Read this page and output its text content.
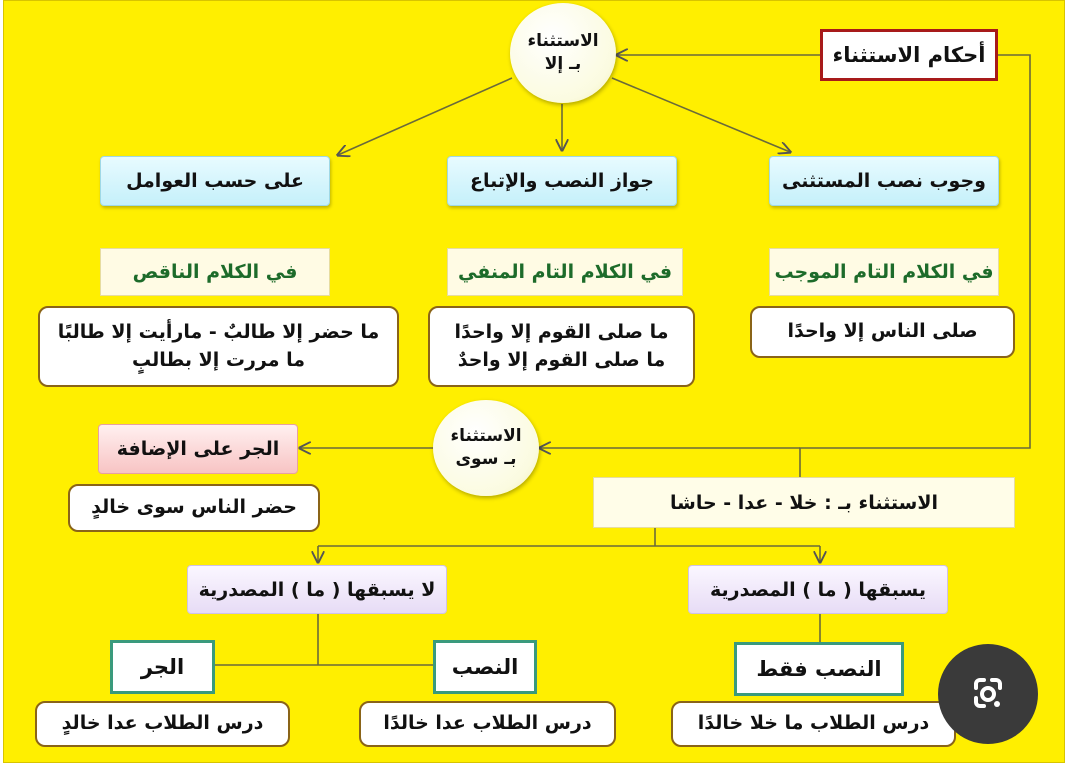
أحكام الاستثناء
الاستثناء
بـ إلا
وجوب نصب المستثنى
جواز النصب والإتباع
على حسب العوامل
في الكلام التام الموجب
في الكلام التام المنفي
في الكلام الناقص
صلى الناس إلا واحدًا
ما صلى القوم إلا واحدًا
ما صلى القوم إلا واحدٌ
ما حضر إلا طالبٌ - مارأيت إلا طالبًا
ما مررت إلا بطالبٍ
الاستثناء
بـ سوى
الجر على الإضافة
حضر الناس سوى خالدٍ	الاستثناء بـ : خلا - عدا - حاشا
يسبقها ( ما ) المصدرية
لا يسبقها ( ما ) المصدرية
النصب فقط
النصب
الجر
درس الطلاب ما خلا خالدًا
درس الطلاب عدا خالدًا
درس الطلاب عدا خالدٍ
